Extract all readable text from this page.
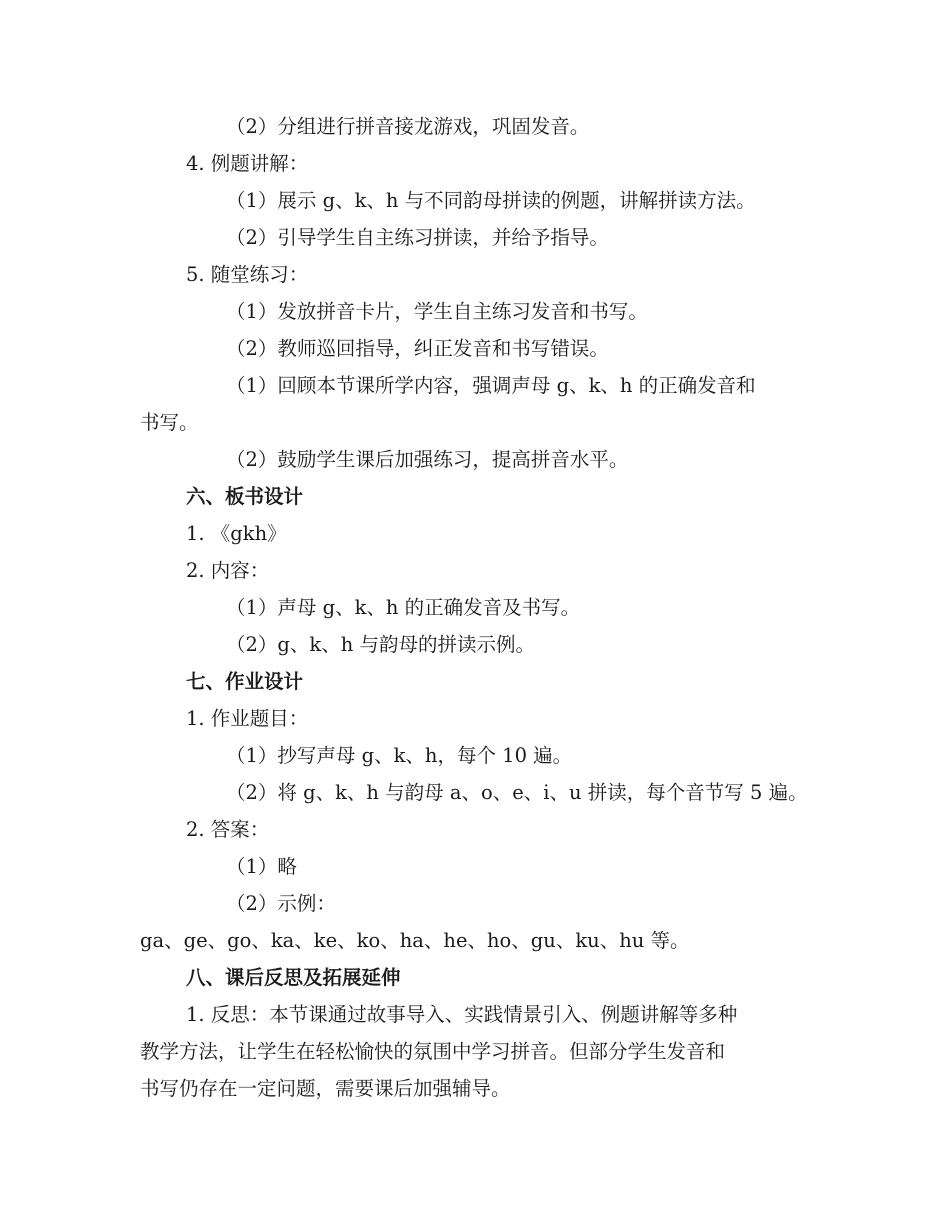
（2）分组进行拼音接龙游戏，巩固发音。
4. 例题讲解：
（1）展示 g、k、h 与不同韵母拼读的例题，讲解拼读方法。
（2）引导学生自主练习拼读，并给予指导。
5. 随堂练习：
（1）发放拼音卡片，学生自主练习发音和书写。
（2）教师巡回指导，纠正发音和书写错误。
（1）回顾本节课所学内容，强调声母 g、k、h 的正确发音和
书写。
（2）鼓励学生课后加强练习，提高拼音水平。
六、板书设计
1. 《gkh》
2. 内容：
（1）声母 g、k、h 的正确发音及书写。
（2）g、k、h 与韵母的拼读示例。
七、作业设计
1. 作业题目：
（1）抄写声母 g、k、h，每个 10 遍。
（2）将 g、k、h 与韵母 a、o、e、i、u 拼读，每个音节写 5 遍。
2. 答案：
（1）略
（2）示例：
ga、ge、go、ka、ke、ko、ha、he、ho、gu、ku、hu 等。
八、课后反思及拓展延伸
1. 反思：本节课通过故事导入、实践情景引入、例题讲解等多种
教学方法，让学生在轻松愉快的氛围中学习拼音。但部分学生发音和
书写仍存在一定问题，需要课后加强辅导。
